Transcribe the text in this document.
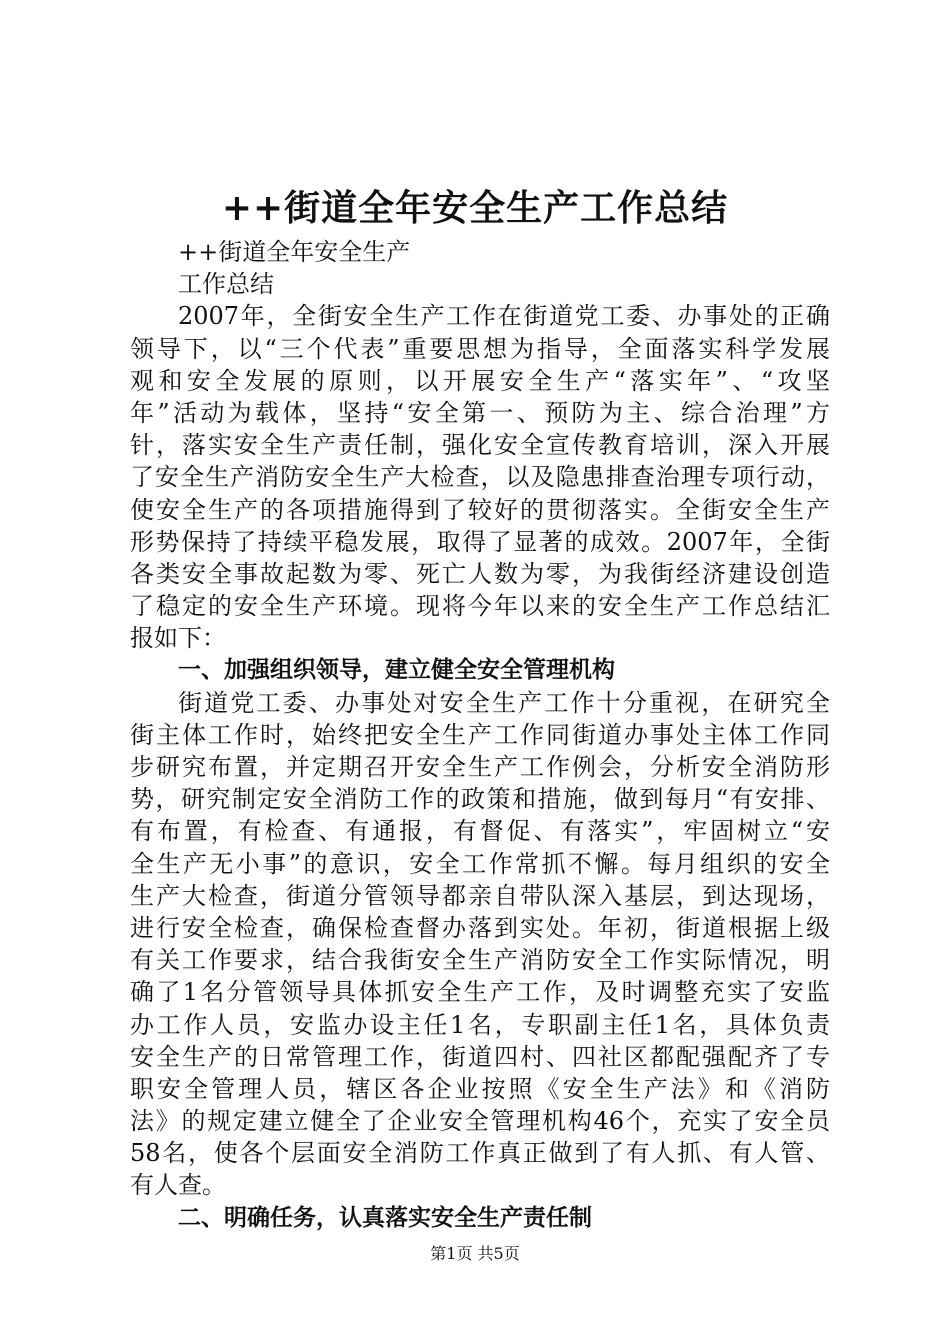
++街道全年安全生产工作总结
++街道全年安全生产
工作总结
2007年，全街安全生产工作在街道党工委、办事处的正确
领导下，以“三个代表”重要思想为指导，全面落实科学发展
观和安全发展的原则，以开展安全生产“落实年”、“攻坚
年”活动为载体，坚持“安全第一、预防为主、综合治理”方
针，落实安全生产责任制，强化安全宣传教育培训，深入开展
了安全生产消防安全生产大检查，以及隐患排查治理专项行动，
使安全生产的各项措施得到了较好的贯彻落实。全街安全生产
形势保持了持续平稳发展，取得了显著的成效。2007年，全街
各类安全事故起数为零、死亡人数为零，为我街经济建设创造
了稳定的安全生产环境。现将今年以来的安全生产工作总结汇
报如下：
一、加强组织领导，建立健全安全管理机构
街道党工委、办事处对安全生产工作十分重视，在研究全
街主体工作时，始终把安全生产工作同街道办事处主体工作同
步研究布置，并定期召开安全生产工作例会，分析安全消防形
势，研究制定安全消防工作的政策和措施，做到每月“有安排、
有布置，有检查、有通报，有督促、有落实”，牢固树立“安
全生产无小事”的意识，安全工作常抓不懈。每月组织的安全
生产大检查，街道分管领导都亲自带队深入基层，到达现场，
进行安全检查，确保检查督办落到实处。年初，街道根据上级
有关工作要求，结合我街安全生产消防安全工作实际情况，明
确了1名分管领导具体抓安全生产工作，及时调整充实了安监
办工作人员，安监办设主任1名，专职副主任1名，具体负责
安全生产的日常管理工作，街道四村、四社区都配强配齐了专
职安全管理人员，辖区各企业按照《安全生产法》和《消防
法》的规定建立健全了企业安全管理机构46个，充实了安全员
58名，使各个层面安全消防工作真正做到了有人抓、有人管、
有人查。
二、明确任务，认真落实安全生产责任制
第1页 共5页
